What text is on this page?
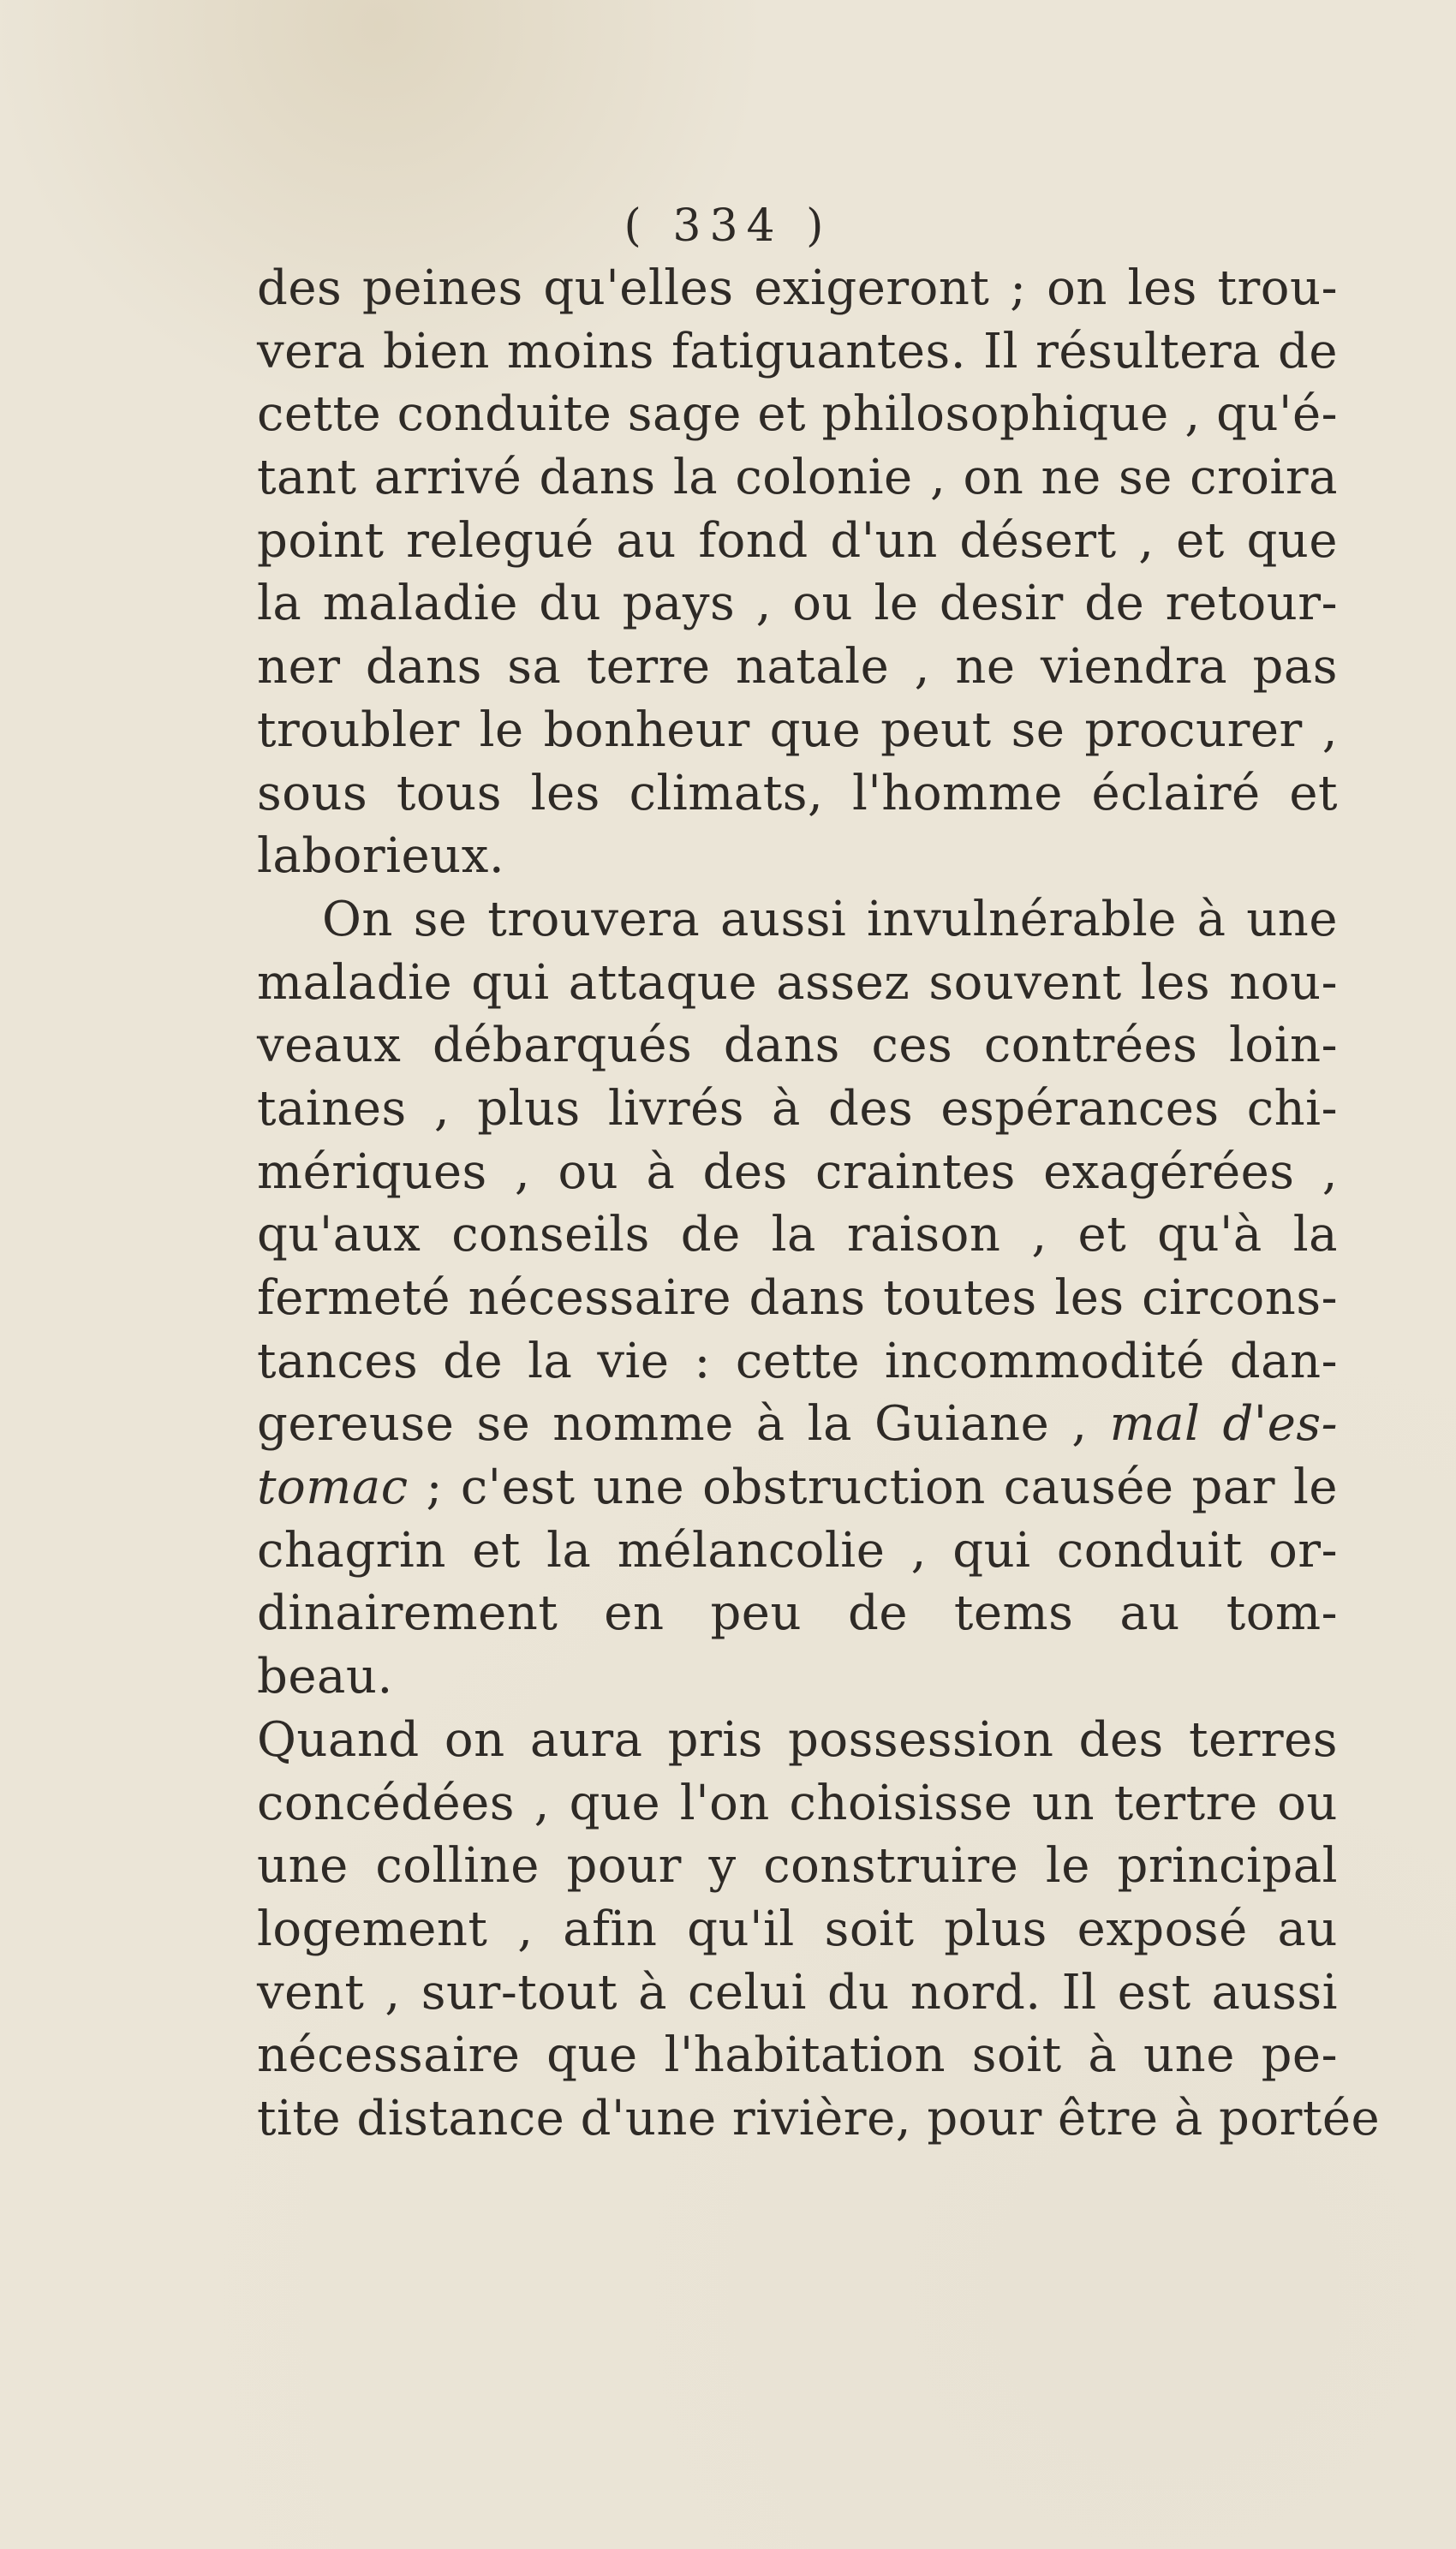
( 334 )
des peines qu'elles exigeront ; on les trou-
vera bien moins fatiguantes. Il résultera de
cette conduite sage et philosophique , qu'é-
tant arrivé dans la colonie , on ne se croira
point relegué au fond d'un désert , et que
la maladie du pays , ou le desir de retour-
ner dans sa terre natale , ne viendra pas
troubler le bonheur que peut se procurer ,
sous tous les climats, l'homme éclairé et
laborieux.
On se trouvera aussi invulnérable à une
maladie qui attaque assez souvent les nou-
veaux débarqués dans ces contrées loin-
taines , plus livrés à des espérances chi-
mériques , ou à des craintes exagérées ,
qu'aux conseils de la raison , et qu'à la
fermeté nécessaire dans toutes les circons-
tances de la vie : cette incommodité dan-
gereuse se nomme à la Guiane , mal d'es-
tomac ; c'est une obstruction causée par le
chagrin et la mélancolie , qui conduit or-
dinairement en peu de tems au tom-
beau.
Quand on aura pris possession des terres
concédées , que l'on choisisse un tertre ou
une colline pour y construire le principal
logement , afin qu'il soit plus exposé au
vent , sur-tout à celui du nord. Il est aussi
nécessaire que l'habitation soit à une pe-
tite distance d'une rivière, pour être à portée
